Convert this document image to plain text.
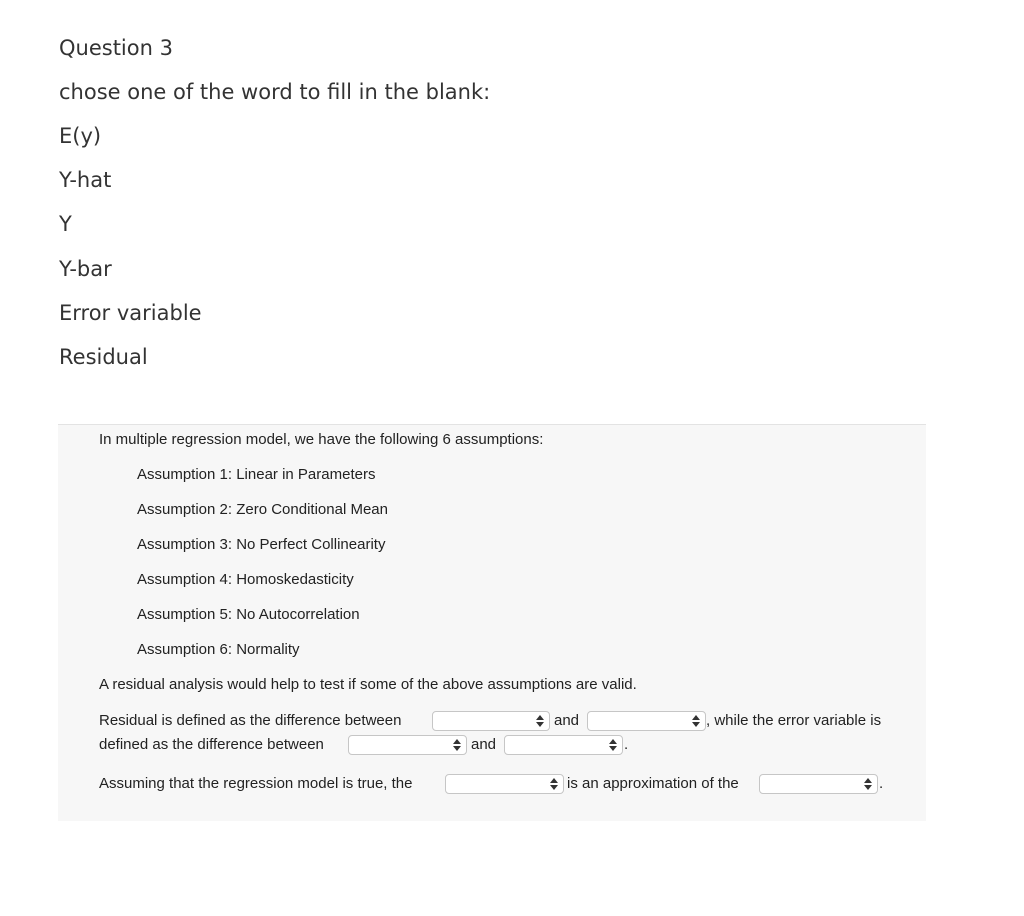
Question 3
chose one of the word to fill in the blank:
E(y)
Y-hat
Y
Y-bar
Error variable
Residual
In multiple regression model, we have the following 6 assumptions:
Assumption 1: Linear in Parameters
Assumption 2: Zero Conditional Mean
Assumption 3: No Perfect Collinearity
Assumption 4: Homoskedasticity
Assumption 5: No Autocorrelation
Assumption 6: Normality
A residual analysis would help to test if some of the above assumptions are valid.
Residual is defined as the difference between	and	, while the error variable is
defined as the difference between	and	.
Assuming that the regression model is true, the	is an approximation of the	.
